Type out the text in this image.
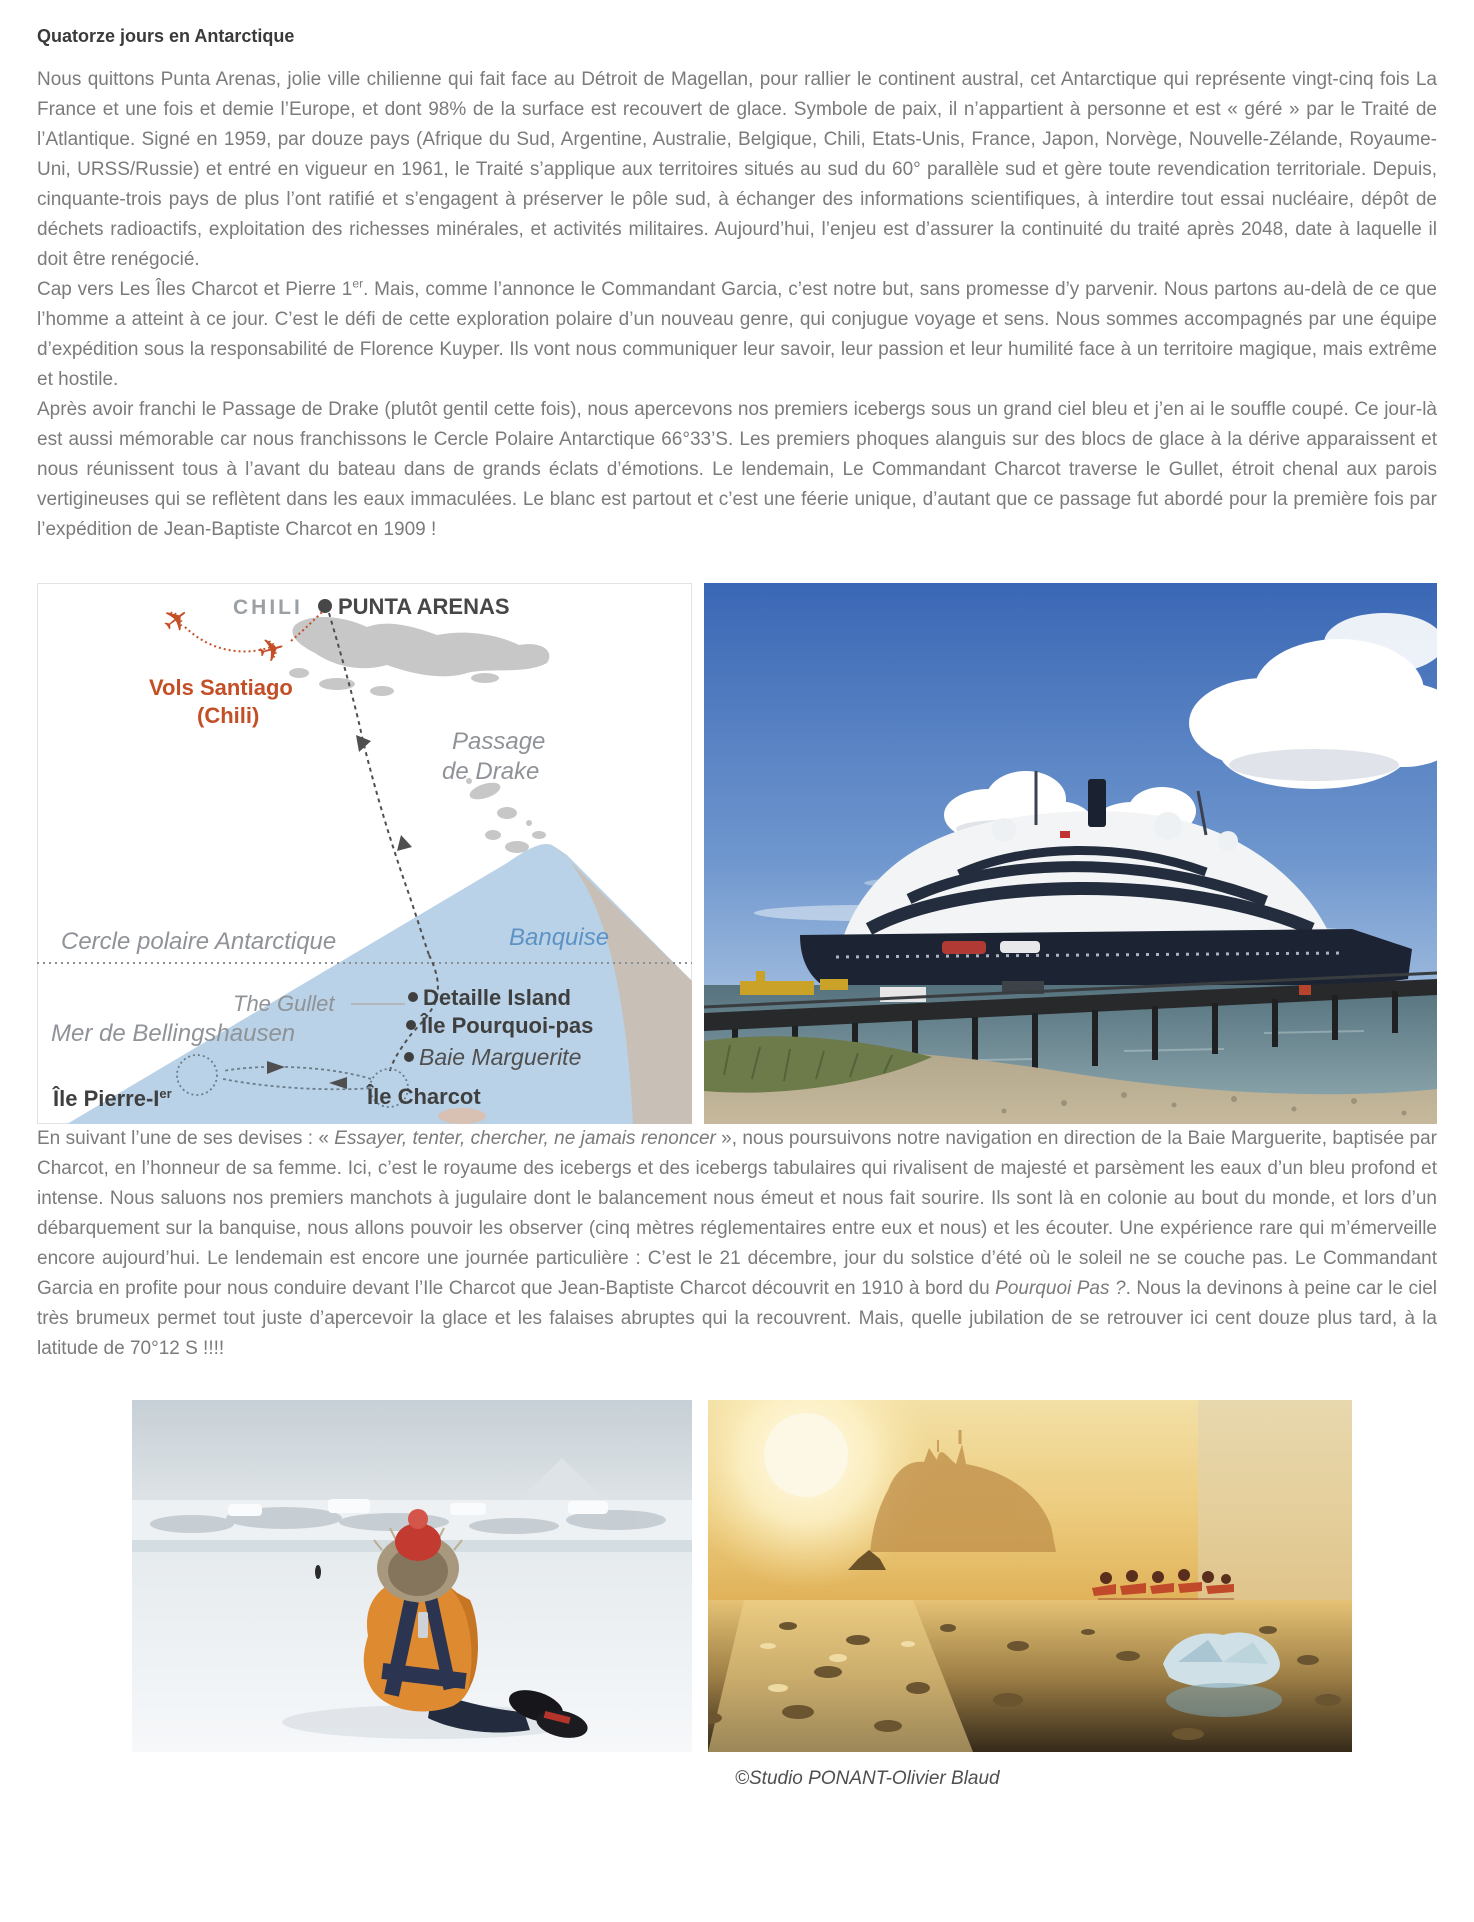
Quatorze jours en Antarctique

Nous quittons Punta Arenas, jolie ville chilienne qui fait face au Détroit de Magellan, pour rallier le continent austral, cet Antarctique qui représente vingt-cinq fois La France et une fois et demie l’Europe, et dont 98% de la surface est recouvert de glace. Symbole de paix, il n’appartient à personne et est « géré » par le Traité de l’Atlantique. Signé en 1959, par douze pays (Afrique du Sud, Argentine, Australie, Belgique, Chili, Etats-Unis, France, Japon, Norvège, Nouvelle-Zélande, Royaume-Uni, URSS/Russie) et entré en vigueur en 1961, le Traité s’applique aux territoires situés au sud du 60° parallèle sud et gère toute revendication territoriale. Depuis, cinquante-trois pays de plus l’ont ratifié et s’engagent à préserver le pôle sud, à échanger des informations scientifiques, à interdire tout essai nucléaire, dépôt de déchets radioactifs, exploitation des richesses minérales, et activités militaires. Aujourd’hui, l’enjeu est d’assurer la continuité du traité après 2048, date à laquelle il doit être renégocié.

Cap vers Les Îles Charcot et Pierre 1er. Mais, comme l’annonce le Commandant Garcia, c’est notre but, sans promesse d’y parvenir. Nous partons au-delà de ce que l’homme a atteint à ce jour. C’est le défi de cette exploration polaire d’un nouveau genre, qui conjugue voyage et sens. Nous sommes accompagnés par une équipe d’expédition sous la responsabilité de Florence Kuyper. Ils vont nous communiquer leur savoir, leur passion et leur humilité face à un territoire magique, mais extrême et hostile.

Après avoir franchi le Passage de Drake (plutôt gentil cette fois), nous apercevons nos premiers icebergs sous un grand ciel bleu et j’en ai le souffle coupé. Ce jour-là est aussi mémorable car nous franchissons le Cercle Polaire Antarctique 66°33’S. Les premiers phoques alanguis sur des blocs de glace à la dérive apparaissent et nous réunissent tous à l’avant du bateau dans de grands éclats d’émotions. Le lendemain, Le Commandant Charcot traverse le Gullet, étroit chenal aux parois vertigineuses qui se reflètent dans les eaux immaculées. Le blanc est partout et c’est une féerie unique, d’autant que ce passage fut abordé pour la première fois par l’expédition de Jean-Baptiste Charcot en 1909 !

✈
✈
CHILI PUNTA ARENAS
Vols Santiago
(Chili)
Passage
de Drake
Cercle polaire Antarctique	Banquise
The Gullet	Detaille Island
Île Pourquoi-pas
Mer de Bellingshausen
Baie Marguerite
Île Charcot
Île Pierre-Ier

En suivant l’une de ses devises : « Essayer, tenter, chercher, ne jamais renoncer », nous poursuivons notre navigation en direction de la Baie Marguerite, baptisée par Charcot, en l’honneur de sa femme. Ici, c’est le royaume des icebergs et des icebergs tabulaires qui rivalisent de majesté et parsèment les eaux d’un bleu profond et intense. Nous saluons nos premiers manchots à jugulaire dont le balancement nous émeut et nous fait sourire. Ils sont là en colonie au bout du monde, et lors d’un débarquement sur la banquise, nous allons pouvoir les observer (cinq mètres réglementaires entre eux et nous) et les écouter. Une expérience rare qui m’émerveille encore aujourd’hui. Le lendemain est encore une journée particulière : C’est le 21 décembre, jour du solstice d’été où le soleil ne se couche pas. Le Commandant Garcia en profite pour nous conduire devant l’Ile Charcot que Jean-Baptiste Charcot découvrit en 1910 à bord du Pourquoi Pas ?. Nous la devinons à peine car le ciel très brumeux permet tout juste d’apercevoir la glace et les falaises abruptes qui la recouvrent. Mais, quelle jubilation de se retrouver ici cent douze plus tard, à la latitude de 70°12 S !!!!

©Studio PONANT-Olivier Blaud
